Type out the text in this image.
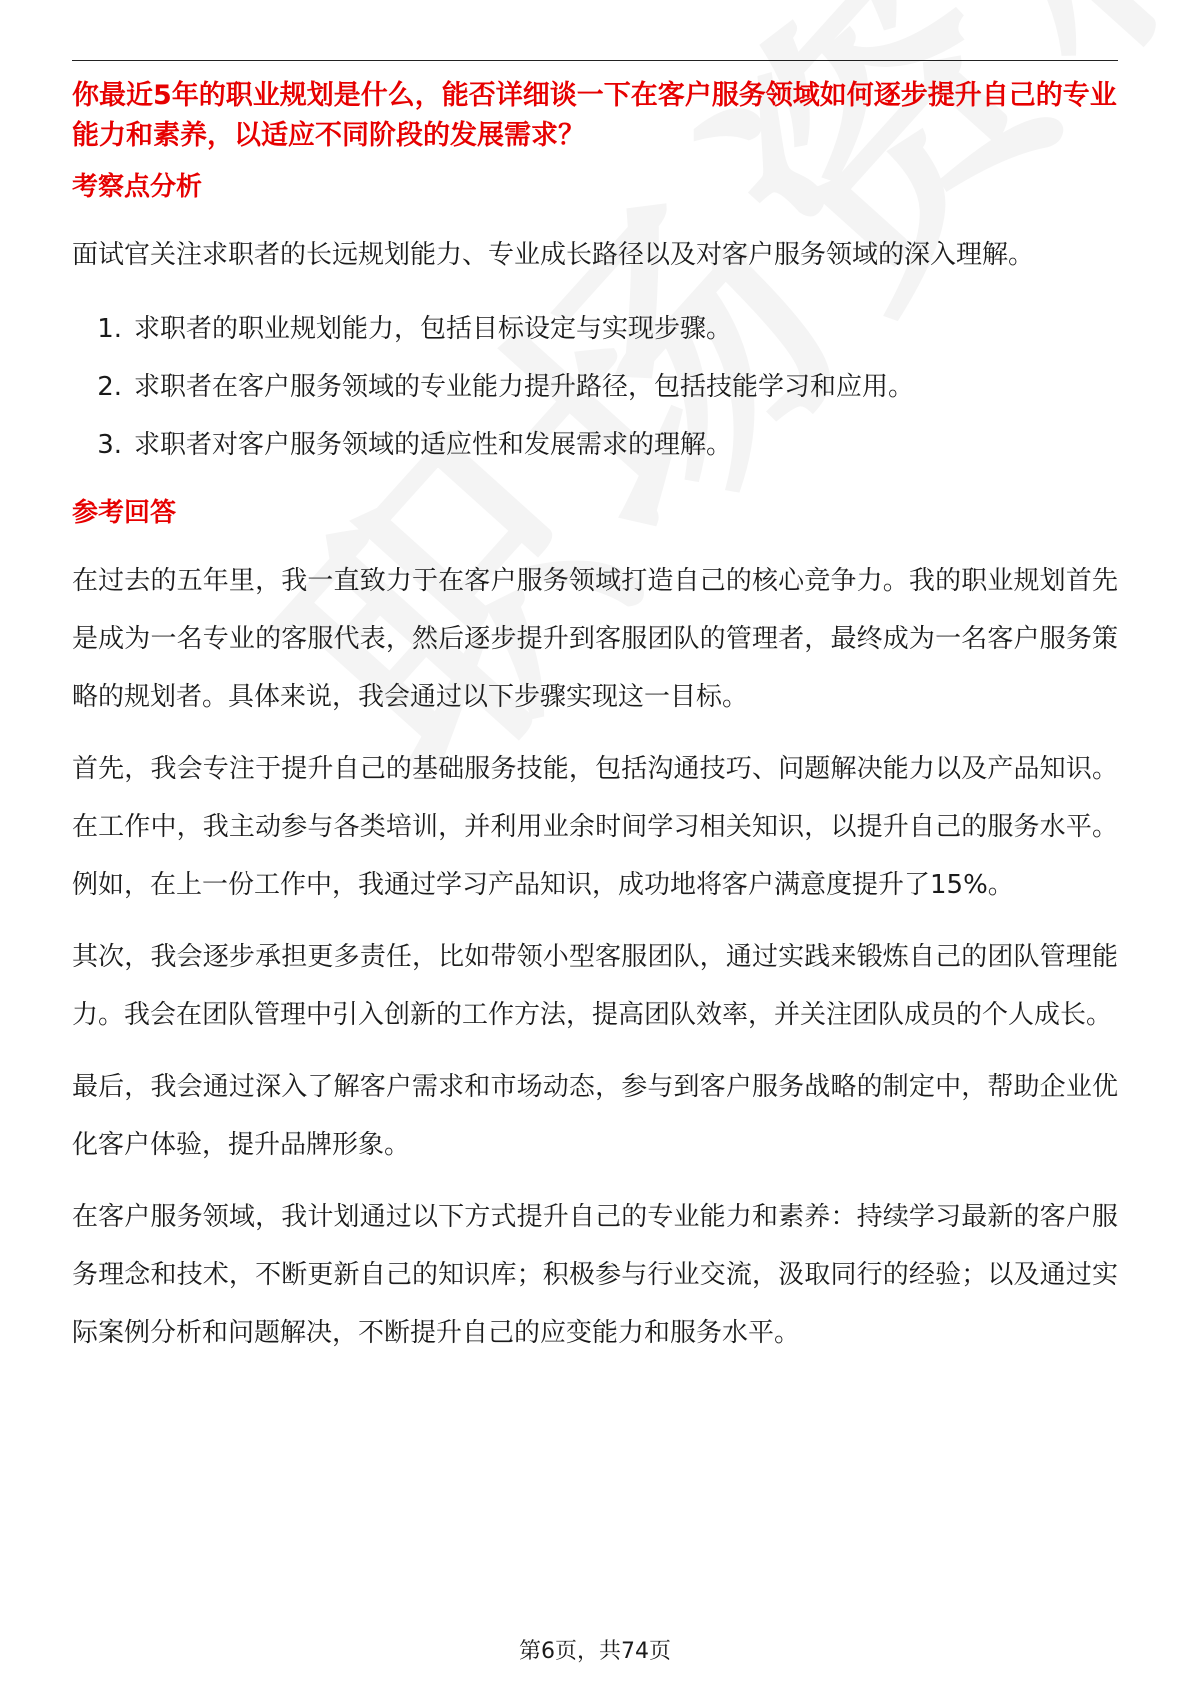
你最近5年的职业规划是什么，能否详细谈一下在客户服务领域如何逐步提升自己的专业能力和素养，以适应不同阶段的发展需求？

考察点分析

面试官关注求职者的长远规划能力、专业成长路径以及对客户服务领域的深入理解。

1. 求职者的职业规划能力，包括目标设定与实现步骤。
2. 求职者在客户服务领域的专业能力提升路径，包括技能学习和应用。
3. 求职者对客户服务领域的适应性和发展需求的理解。

参考回答

在过去的五年里，我一直致力于在客户服务领域打造自己的核心竞争力。我的职业规划首先是成为一名专业的客服代表，然后逐步提升到客服团队的管理者，最终成为一名客户服务策略的规划者。具体来说，我会通过以下步骤实现这一目标。

首先，我会专注于提升自己的基础服务技能，包括沟通技巧、问题解决能力以及产品知识。在工作中，我主动参与各类培训，并利用业余时间学习相关知识，以提升自己的服务水平。例如，在上一份工作中，我通过学习产品知识，成功地将客户满意度提升了15%。

其次，我会逐步承担更多责任，比如带领小型客服团队，通过实践来锻炼自己的团队管理能力。我会在团队管理中引入创新的工作方法，提高团队效率，并关注团队成员的个人成长。

最后，我会通过深入了解客户需求和市场动态，参与到客户服务战略的制定中，帮助企业优化客户体验，提升品牌形象。

在客户服务领域，我计划通过以下方式提升自己的专业能力和素养：持续学习最新的客户服务理念和技术，不断更新自己的知识库；积极参与行业交流，汲取同行的经验；以及通过实际案例分析和问题解决，不断提升自己的应变能力和服务水平。

第6页，共74页
